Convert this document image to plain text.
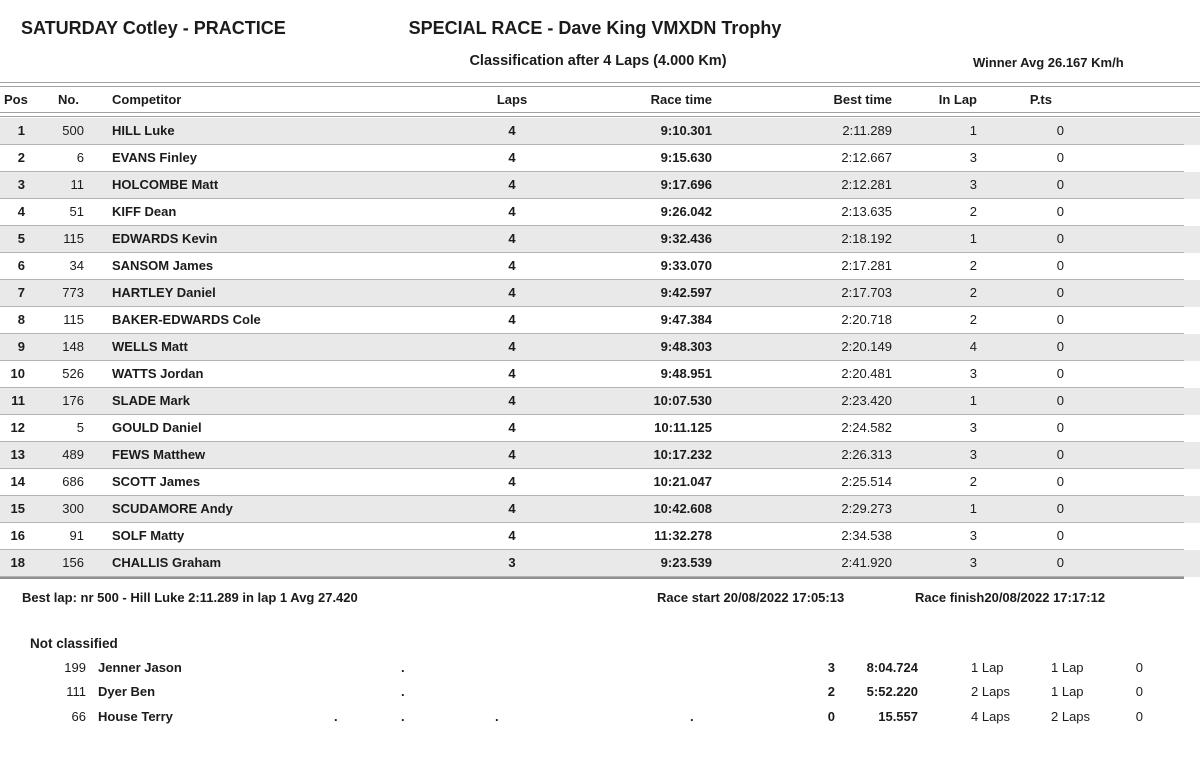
SATURDAY Cotley - PRACTICE	SPECIAL RACE - Dave King VMXDN Trophy
Classification after 4 Laps (4.000 Km)	Winner Avg 26.167 Km/h
Pos	No.	Competitor	Laps	Race time	Best time	In Lap	P.ts
1	500	HILL Luke	4	9:10.301	2:11.289	1	0
2	6	EVANS Finley	4	9:15.630	2:12.667	3	0
3	11	HOLCOMBE Matt	4	9:17.696	2:12.281	3	0
4	51	KIFF Dean	4	9:26.042	2:13.635	2	0
5	115	EDWARDS Kevin	4	9:32.436	2:18.192	1	0
6	34	SANSOM James	4	9:33.070	2:17.281	2	0
7	773	HARTLEY Daniel	4	9:42.597	2:17.703	2	0
8	115	BAKER-EDWARDS Cole	4	9:47.384	2:20.718	2	0
9	148	WELLS Matt	4	9:48.303	2:20.149	4	0
10	526	WATTS Jordan	4	9:48.951	2:20.481	3	0
11	176	SLADE Mark	4	10:07.530	2:23.420	1	0
12	5	GOULD Daniel	4	10:11.125	2:24.582	3	0
13	489	FEWS Matthew	4	10:17.232	2:26.313	3	0
14	686	SCOTT James	4	10:21.047	2:25.514	2	0
15	300	SCUDAMORE Andy	4	10:42.608	2:29.273	1	0
16	91	SOLF Matty	4	11:32.278	2:34.538	3	0
18	156	CHALLIS Graham	3	9:23.539	2:41.920	3	0
Best lap: nr 500 - Hill Luke 2:11.289 in lap 1 Avg 27.420	Race start 20/08/2022 17:05:13	Race finish20/08/2022 17:17:12
Not classified
199 Jenner Jason	.	3	8:04.724	1 Lap	1 Lap	0
111 Dyer Ben	.	2	5:52.220	2 Laps	1 Lap	0
66 House Terry	.	.	.	.	0	15.557	4 Laps	2 Laps	0
